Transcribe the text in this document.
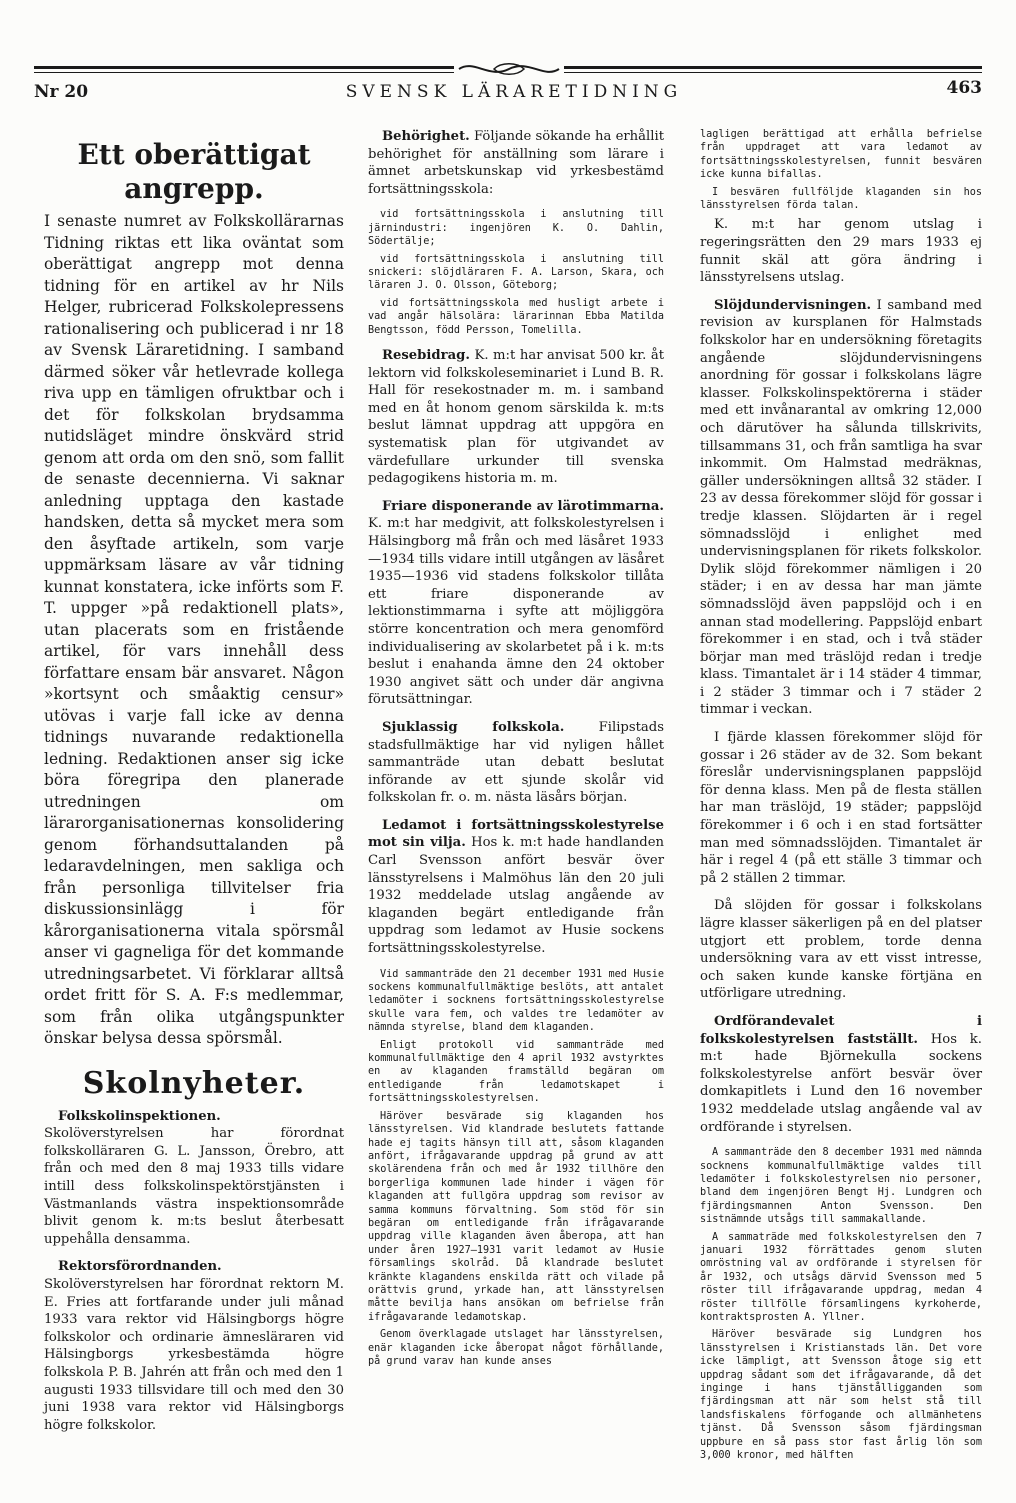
Nr 20	SVENSK LÄRARETIDNING	463
Ett oberättigat angrepp.

I senaste numret av Folkskollärarnas Tidning riktas ett lika oväntat som oberättigat angrepp mot denna tidning för en artikel av hr Nils Helger, rubricerad Folkskolepressens rationalisering och publicerad i nr 18 av Svensk Läraretidning. I samband därmed söker vår hetlevrade kollega riva upp en tämligen ofruktbar och i det för folkskolan brydsamma nutidsläget mindre önskvärd strid genom att orda om den snö, som fallit de senaste decennierna. Vi saknar anledning upptaga den kastade handsken, detta så mycket mera som den åsyftade artikeln, som varje uppmärksam läsare av vår tidning kunnat konstatera, icke införts som F. T. uppger »på redaktionell plats», utan placerats som en fristående artikel, för vars innehåll dess författare ensam bär ansvaret. Någon »kortsynt och småaktig censur» utövas i varje fall icke av denna tidnings nuvarande redaktionella ledning. Redaktionen anser sig icke böra föregripa den planerade utredningen om lärarorganisationernas konsolidering genom förhandsuttalanden på ledaravdelningen, men sakliga och från personliga tillvitelser fria diskussionsinlägg i för kårorganisationerna vitala spörsmål anser vi gagneliga för det kommande utredningsarbetet. Vi förklarar alltså ordet fritt för S. A. F:s medlemmar, som från olika utgångspunkter önskar belysa dessa spörsmål.

Skolnyheter.

Folkskolinspektionen. Skolöverstyrelsen har förordnat folkskolläraren G. L. Jansson, Örebro, att från och med den 8 maj 1933 tills vidare intill dess folkskolinspektörstjänsten i Västmanlands västra inspektionsområde blivit genom k. m:ts beslut återbesatt uppehålla densamma.

Rektorsförordnanden. Skolöverstyrelsen har förordnat rektorn M. E. Fries att fortfarande under juli månad 1933 vara rektor vid Hälsingborgs högre folkskolor och ordinarie ämnesläraren vid Hälsingborgs yrkesbestämda högre folkskola P. B. Jahrén att från och med den 1 augusti 1933 tillsvidare till och med den 30 juni 1938 vara rektor vid Hälsingborgs högre folkskolor.

Behörighet. Följande sökande ha erhållit behörighet för anställning som lärare i ämnet arbetskunskap vid yrkesbestämd fortsättningsskola:

vid fortsättningsskola i anslutning till järnindustri: ingenjören K. O. Dahlin, Södertälje;

vid fortsättningsskola i anslutning till snickeri: slöjdläraren F. A. Larson, Skara, och läraren J. O. Olsson, Göteborg;

vid fortsättningsskola med husligt arbete i vad angår hälsolära: lärarinnan Ebba Matilda Bengtsson, född Persson, Tomelilla.

Resebidrag. K. m:t har anvisat 500 kr. åt lektorn vid folkskoleseminariet i Lund B. R. Hall för resekostnader m. m. i samband med en åt honom genom särskilda k. m:ts beslut lämnat uppdrag att uppgöra en systematisk plan för utgivandet av värdefullare urkunder till svenska pedagogikens historia m. m.

Friare disponerande av lärotimmarna. K. m:t har medgivit, att folkskolestyrelsen i Hälsingborg må från och med läsåret 1933—1934 tills vidare intill utgången av läsåret 1935—1936 vid stadens folkskolor tillåta ett friare disponerande av lektionstimmarna i syfte att möjliggöra större koncentration och mera genomförd individualisering av skolarbetet på i k. m:ts beslut i enahanda ämne den 24 oktober 1930 angivet sätt och under där angivna förutsättningar.

Sjuklassig folkskola. Filipstads stadsfullmäktige har vid nyligen hållet sammanträde utan debatt beslutat införande av ett sjunde skolår vid folkskolan fr. o. m. nästa läsårs början.

Ledamot i fortsättningsskolestyrelse mot sin vilja. Hos k. m:t hade handlanden Carl Svensson anfört besvär över länsstyrelsens i Malmöhus län den 20 juli 1932 meddelade utslag angående av klaganden begärt entledigande från uppdrag som ledamot av Husie sockens fortsättningsskolestyrelse.

Vid sammanträde den 21 december 1931 med Husie sockens kommunalfullmäktige beslöts, att antalet ledamöter i socknens fortsättningsskolestyrelse skulle vara fem, och valdes tre ledamöter av nämnda styrelse, bland dem klaganden.

Enligt protokoll vid sammanträde med kommunalfullmäktige den 4 april 1932 avstyrktes en av klaganden framställd begäran om entledigande från ledamotskapet i fortsättningsskolestyrelsen.

Häröver besvärade sig klaganden hos länsstyrelsen. Vid klandrade beslutets fattande hade ej tagits hänsyn till att, såsom klaganden anfört, ifrågavarande uppdrag på grund av att skolärendena från och med år 1932 tillhöre den borgerliga kommunen lade hinder i vägen för klaganden att fullgöra uppdrag som revisor av samma kommuns förvaltning. Som stöd för sin begäran om entledigande från ifrågavarande uppdrag ville klaganden även åberopa, att han under åren 1927—1931 varit ledamot av Husie församlings skolråd. Då klandrade beslutet kränkte klagandens enskilda rätt och vilade på orättvis grund, yrkade han, att länsstyrelsen måtte bevilja hans ansökan om befrielse från ifrågavarande ledamotskap.

Genom överklagade utslaget har länsstyrelsen, enär klaganden icke åberopat något förhållande, på grund varav han kunde anses

lagligen berättigad att erhålla befrielse från uppdraget att vara ledamot av fortsättningsskolestyrelsen, funnit besvären icke kunna bifallas.

I besvären fullföljde klaganden sin hos länsstyrelsen förda talan.

K. m:t har genom utslag i regeringsrätten den 29 mars 1933 ej funnit skäl att göra ändring i länsstyrelsens utslag.

Slöjdundervisningen. I samband med revision av kursplanen för Halmstads folkskolor har en undersökning företagits angående slöjdundervisningens anordning för gossar i folkskolans lägre klasser. Folkskolinspektörerna i städer med ett invånarantal av omkring 12,000 och därutöver ha sålunda tillskrivits, tillsammans 31, och från samtliga ha svar inkommit. Om Halmstad medräknas, gäller undersökningen alltså 32 städer. I 23 av dessa förekommer slöjd för gossar i tredje klassen. Slöjdarten är i regel sömnadsslöjd i enlighet med undervisningsplanen för rikets folkskolor. Dylik slöjd förekommer nämligen i 20 städer; i en av dessa har man jämte sömnadsslöjd även pappslöjd och i en annan stad modellering. Pappslöjd enbart förekommer i en stad, och i två städer börjar man med träslöjd redan i tredje klass. Timantalet är i 14 städer 4 timmar, i 2 städer 3 timmar och i 7 städer 2 timmar i veckan.

I fjärde klassen förekommer slöjd för gossar i 26 städer av de 32. Som bekant föreslår undervisningsplanen pappslöjd för denna klass. Men på de flesta ställen har man träslöjd, 19 städer; pappslöjd förekommer i 6 och i en stad fortsätter man med sömnadsslöjden. Timantalet är här i regel 4 (på ett ställe 3 timmar och på 2 ställen 2 timmar.

Då slöjden för gossar i folkskolans lägre klasser säkerligen på en del platser utgjort ett problem, torde denna undersökning vara av ett visst intresse, och saken kunde kanske förtjäna en utförligare utredning.

Ordförandevalet i folkskolestyrelsen fastställt. Hos k. m:t hade Björnekulla sockens folkskolestyrelse anfört besvär över domkapitlets i Lund den 16 november 1932 meddelade utslag angående val av ordförande i styrelsen.

A sammanträde den 8 december 1931 med nämnda socknens kommunalfullmäktige valdes till ledamöter i folkskolestyrelsen nio personer, bland dem ingenjören Bengt Hj. Lundgren och fjärdingsmannen Anton Svensson. Den sistnämnde utsågs till sammakallande.

A sammaträde med folkskolestyrelsen den 7 januari 1932 förrättades genom sluten omröstning val av ordförande i styrelsen för år 1932, och utsågs därvid Svensson med 5 röster till ifrågavarande uppdrag, medan 4 röster tillfölle församlingens kyrkoherde, kontraktsprosten A. Yllner.

Häröver besvärade sig Lundgren hos länsstyrelsen i Kristianstads län. Det vore icke lämpligt, att Svensson åtoge sig ett uppdrag sådant som det ifrågavarande, då det inginge i hans tjänstålligganden som fjärdingsman att när som helst stå till landsfiskalens förfogande och allmänhetens tjänst. Då Svensson såsom fjärdingsman uppbure en så pass stor fast årlig lön som 3,000 kronor, med hälften
